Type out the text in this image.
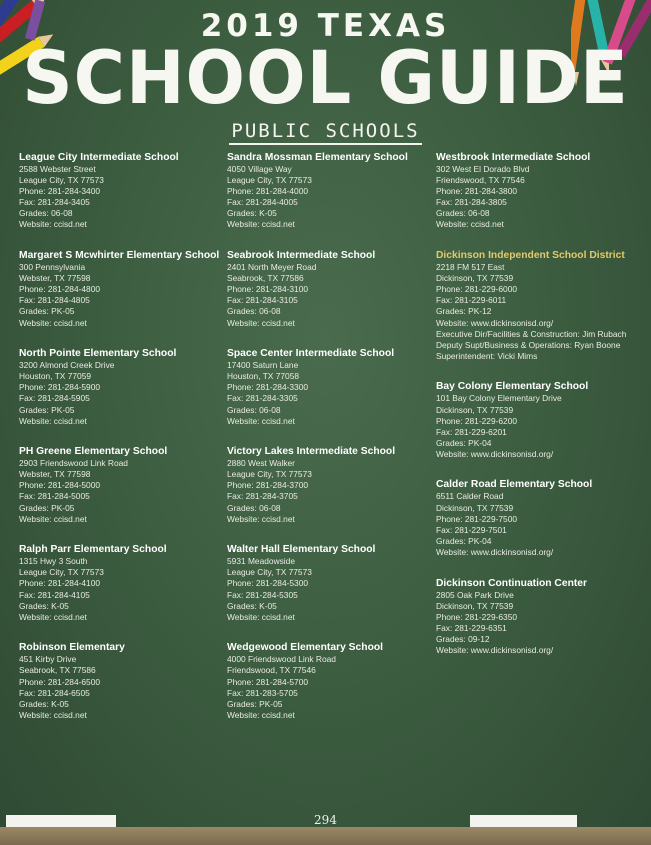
2019 TEXAS
SCHOOL GUIDE
PUBLIC SCHOOLS
League City Intermediate School
2588 Webster Street
League City, TX 77573
Phone: 281-284-3400
Fax: 281-284-3405
Grades: 06-08
Website: ccisd.net
Margaret S Mcwhirter Elementary School
300 Pennsylvania
Webster, TX 77598
Phone: 281-284-4800
Fax: 281-284-4805
Grades: PK-05
Website: ccisd.net
North Pointe Elementary School
3200 Almond Creek Drive
Houston, TX 77059
Phone: 281-284-5900
Fax: 281-284-5905
Grades: PK-05
Website: ccisd.net
PH Greene Elementary School
2903 Friendswood Link Road
Webster, TX 77598
Phone: 281-284-5000
Fax: 281-284-5005
Grades: PK-05
Website: ccisd.net
Ralph Parr Elementary School
1315 Hwy 3 South
League City, TX 77573
Phone: 281-284-4100
Fax: 281-284-4105
Grades: K-05
Website: ccisd.net
Robinson Elementary
451 Kirby Drive
Seabrook, TX 77586
Phone: 281-284-6500
Fax: 281-284-6505
Grades: K-05
Website: ccisd.net
Sandra Mossman Elementary School
4050 Village Way
League City, TX 77573
Phone: 281-284-4000
Fax: 281-284-4005
Grades: K-05
Website: ccisd.net
Seabrook Intermediate School
2401 North Meyer Road
Seabrook, TX 77586
Phone: 281-284-3100
Fax: 281-284-3105
Grades: 06-08
Website: ccisd.net
Space Center Intermediate School
17400 Saturn Lane
Houston, TX 77058
Phone: 281-284-3300
Fax: 281-284-3305
Grades: 06-08
Website: ccisd.net
Victory Lakes Intermediate School
2880 West Walker
League City, TX 77573
Phone: 281-284-3700
Fax: 281-284-3705
Grades: 06-08
Website: ccisd.net
Walter Hall Elementary School
5931 Meadowside
League City, TX 77573
Phone: 281-284-5300
Fax: 281-284-5305
Grades: K-05
Website: ccisd.net
Wedgewood Elementary School
4000 Friendswood Link Road
Friendswood, TX 77546
Phone: 281-284-5700
Fax: 281-283-5705
Grades: PK-05
Website: ccisd.net
Westbrook Intermediate School
302 West El Dorado Blvd
Friendswood, TX 77546
Phone: 281-284-3800
Fax: 281-284-3805
Grades: 06-08
Website: ccisd.net
Dickinson Independent School District
2218 FM 517 East
Dickinson, TX 77539
Phone: 281-229-6000
Fax: 281-229-6011
Grades: PK-12
Website: www.dickinsonisd.org/
Executive Dir/Facilities & Construction: Jim Rubach
Deputy Supt/Business & Operations: Ryan Boone
Superintendent: Vicki Mims
Bay Colony Elementary School
101 Bay Colony Elementary Drive
Dickinson, TX 77539
Phone: 281-229-6200
Fax: 281-229-6201
Grades: PK-04
Website: www.dickinsonisd.org/
Calder Road Elementary School
6511 Calder Road
Dickinson, TX 77539
Phone: 281-229-7500
Fax: 281-229-7501
Grades: PK-04
Website: www.dickinsonisd.org/
Dickinson Continuation Center
2805 Oak Park Drive
Dickinson, TX 77539
Phone: 281-229-6350
Fax: 281-229-6351
Grades: 09-12
Website: www.dickinsonisd.org/
294
